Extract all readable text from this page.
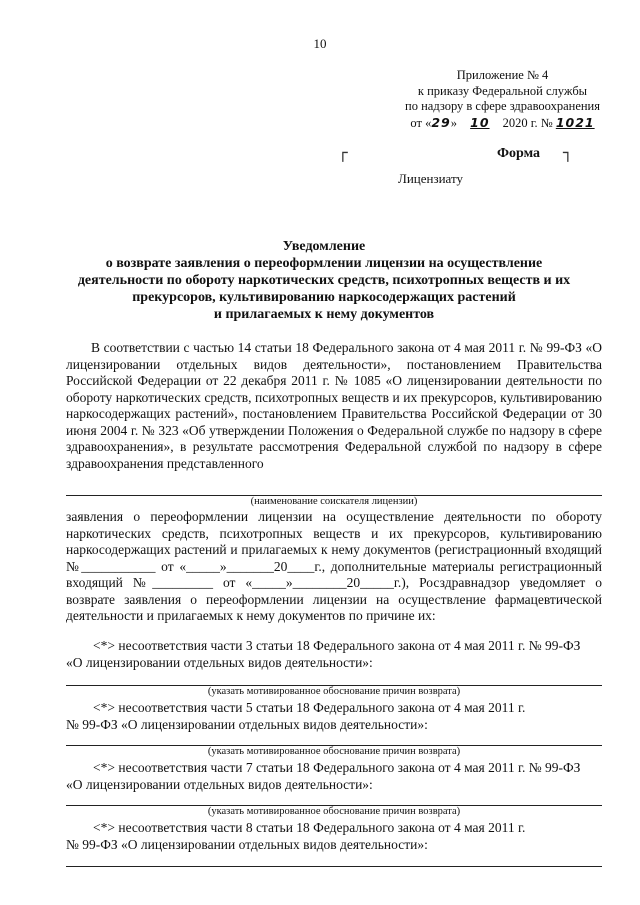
10
Приложение № 4
к приказу Федеральной службы
по надзору в сфере здравоохранения
от «29» 10 2020 г. № 1021
┌	Форма ┐
Лицензиату
Уведомление
о возврате заявления о переоформлении лицензии на осуществление
деятельности по обороту наркотических средств, психотропных веществ и их
прекурсоров, культивированию наркосодержащих растений
и прилагаемых к нему документов
В соответствии с частью 14 статьи 18 Федерального закона от 4 мая 2011 г. № 99-ФЗ «О лицензировании отдельных видов деятельности», постановлением Правительства Российской Федерации от 22 декабря 2011 г. № 1085 «О лицензировании деятельности по обороту наркотических средств, психотропных веществ и их прекурсоров, культивированию наркосодержащих растений», постановлением Правительства Российской Федерации от 30 июня 2004 г. № 323 «Об утверждении Положения о Федеральной службе по надзору в сфере здравоохранения», в результате рассмотрения Федеральной службой по надзору в сфере здравоохранения представленного
(наименование соискателя лицензии)
заявления о переоформлении лицензии на осуществление деятельности по обороту наркотических средств, психотропных веществ и их прекурсоров, культивированию наркосодержащих растений и прилагаемых к нему документов (регистрационный входящий №___________ от «_____»_______20____г., дополнительные материалы регистрационный входящий №_________ от «_____»________20_____г.), Росздравнадзор уведомляет о возврате заявления о переоформлении лицензии на осуществление фармацевтической деятельности и прилагаемых к нему документов по причине их:
<*> несоответствия части 3 статьи 18 Федерального закона от 4 мая 2011 г. № 99-ФЗ
«О лицензировании отдельных видов деятельности»:
(указать мотивированное обоснование причин возврата)
<*> несоответствия части 5 статьи 18 Федерального закона от 4 мая 2011 г.
№ 99-ФЗ «О лицензировании отдельных видов деятельности»:
(указать мотивированное обоснование причин возврата)
<*> несоответствия части 7 статьи 18 Федерального закона от 4 мая 2011 г. № 99-ФЗ
«О лицензировании отдельных видов деятельности»:
(указать мотивированное обоснование причин возврата)
<*> несоответствия части 8 статьи 18 Федерального закона от 4 мая 2011 г.
№ 99-ФЗ «О лицензировании отдельных видов деятельности»:
